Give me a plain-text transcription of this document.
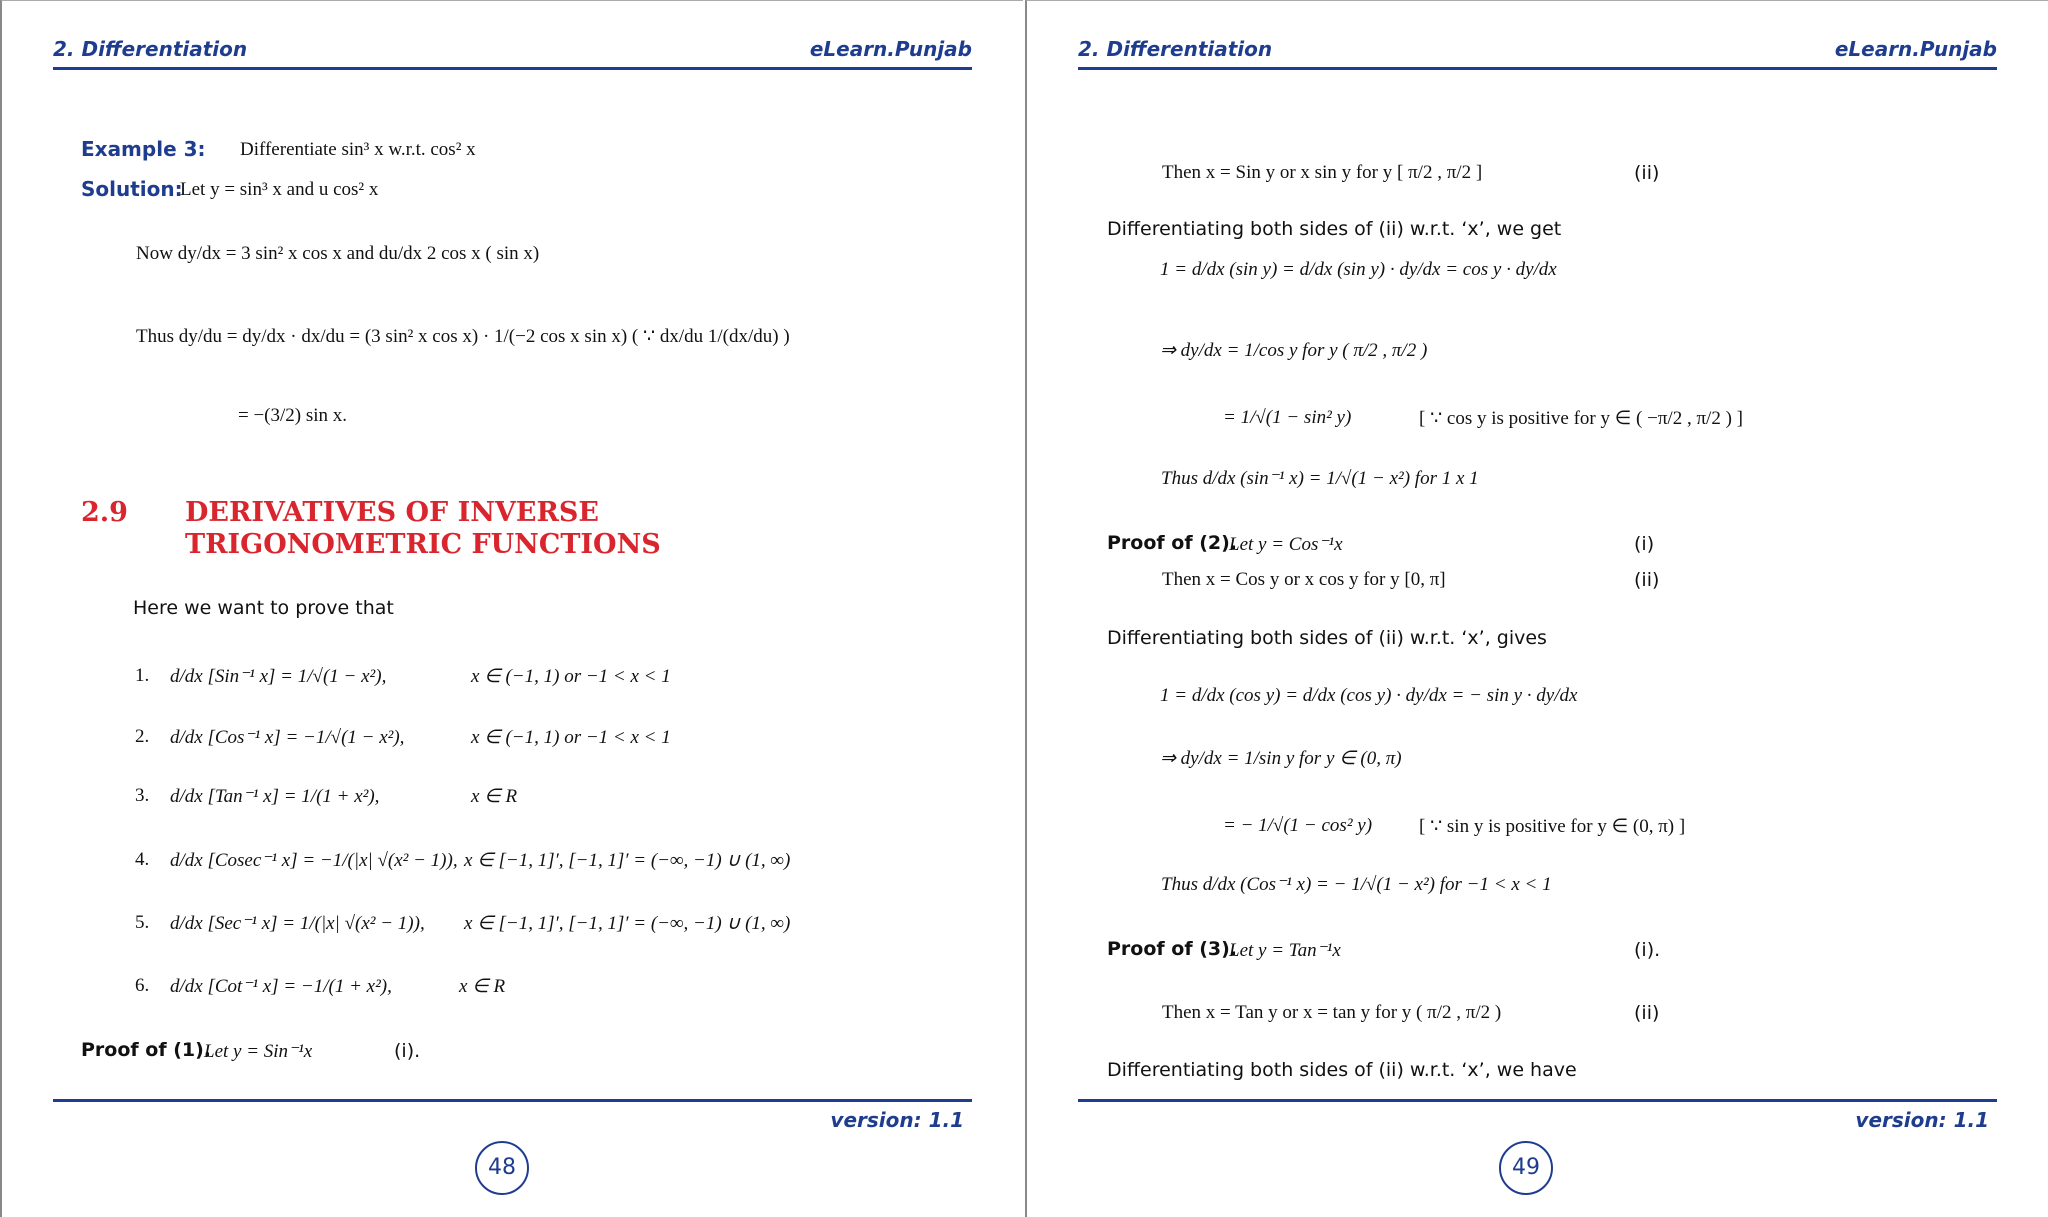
2. Differentiation	eLearn.Punjab
Example 3: Differentiate sin³ x w.r.t. cos² x
Solution:
Let y = sin³ x and u cos² x
Now dy/dx = 3 sin² x cos x and du/dx 2 cos x ( sin x)
Thus dy/du = dy/dx · dx/du = (3 sin² x cos x) · 1/(−2 cos x sin x) ( ∵ dx/du 1/(dx/du) )
= −(3/2) sin x.
2.9 DERIVATIVES OF INVERSE
TRIGONOMETRIC FUNCTIONS
Here we want to prove that
1. d/dx [Sin⁻¹ x] = 1/√(1 − x²),	x ∈ (−1, 1) or −1 < x < 1
2. d/dx [Cos⁻¹ x] = −1/√(1 − x²),	x ∈ (−1, 1) or −1 < x < 1
3. d/dx [Tan⁻¹ x] = 1/(1 + x²),	x ∈ R
4. d/dx [Cosec⁻¹ x] = −1/(|x| √(x² − 1)), x ∈ [−1, 1]′, [−1, 1]′ = (−∞, −1) ∪ (1, ∞)
5. d/dx [Sec⁻¹ x] = 1/(|x| √(x² − 1)), x ∈ [−1, 1]′, [−1, 1]′ = (−∞, −1) ∪ (1, ∞)
6. d/dx [Cot⁻¹ x] = −1/(1 + x²),	x ∈ R
Proof of (1).
Let y = Sin⁻¹x	(i).
version: 1.1
48
2. Differentiation	eLearn.Punjab
Then x = Sin y or x sin y for y [ π/2 , π/2 ]	(ii)
Differentiating both sides of (ii) w.r.t. ‘x’, we get
1 = d/dx (sin y) = d/dx (sin y) · dy/dx = cos y · dy/dx
⇒ dy/dx = 1/cos y for y ( π/2 , π/2 )
= 1/√(1 − sin² y)	[ ∵ cos y is positive for y ∈ ( −π/2 , π/2 ) ]
Thus d/dx (sin⁻¹ x) = 1/√(1 − x²) for 1 x 1
Proof of (2).
Let y = Cos⁻¹x	(i)
Then x = Cos y or x cos y for y [0, π]	(ii)
Differentiating both sides of (ii) w.r.t. ‘x’, gives
1 = d/dx (cos y) = d/dx (cos y) · dy/dx = − sin y · dy/dx
⇒ dy/dx = 1/sin y for y ∈ (0, π)
= − 1/√(1 − cos² y) [ ∵ sin y is positive for y ∈ (0, π) ]
Thus d/dx (Cos⁻¹ x) = − 1/√(1 − x²) for −1 < x < 1
Proof of (3).
Let y = Tan⁻¹x	(i).
Then x = Tan y or x = tan y for y ( π/2 , π/2 )	(ii)
Differentiating both sides of (ii) w.r.t. ‘x’, we have
version: 1.1
49
